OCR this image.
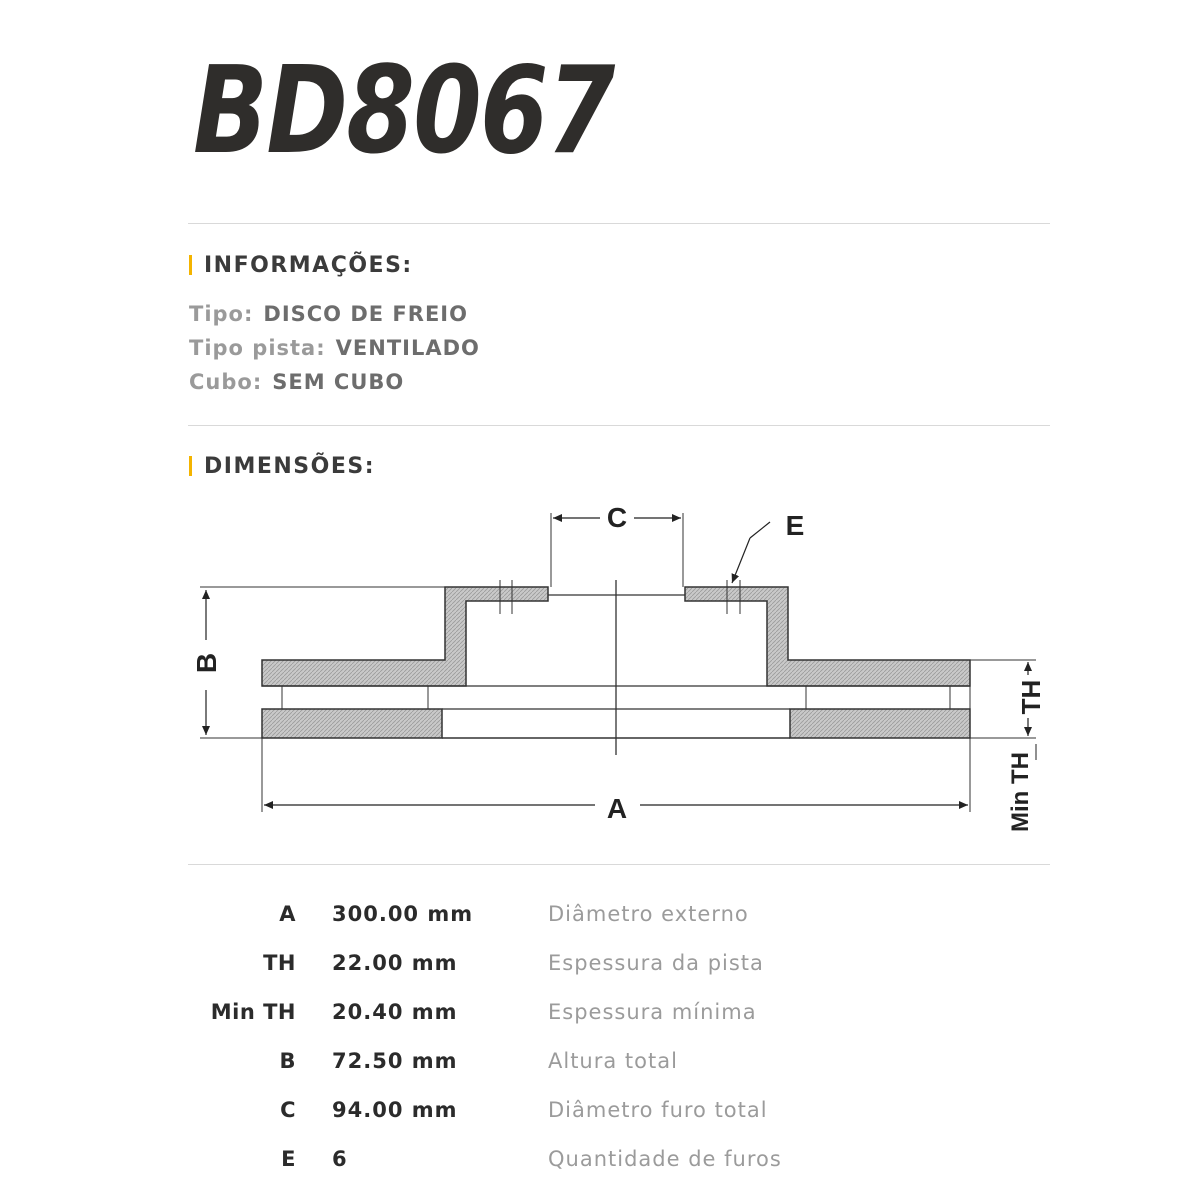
BD8067
INFORMAÇÕES:
Tipo: DISCO DE FREIO
Tipo pista: VENTILADO
Cubo: SEM CUBO
DIMENSÕES:
C	E
B
A
TH
Min TH
A 300.00 mm	Diâmetro externo
TH 22.00 mm	Espessura da pista
Min TH 20.40 mm	Espessura mínima
B 72.50 mm	Altura total
C 94.00 mm	Diâmetro furo total
E 6	Quantidade de furos
